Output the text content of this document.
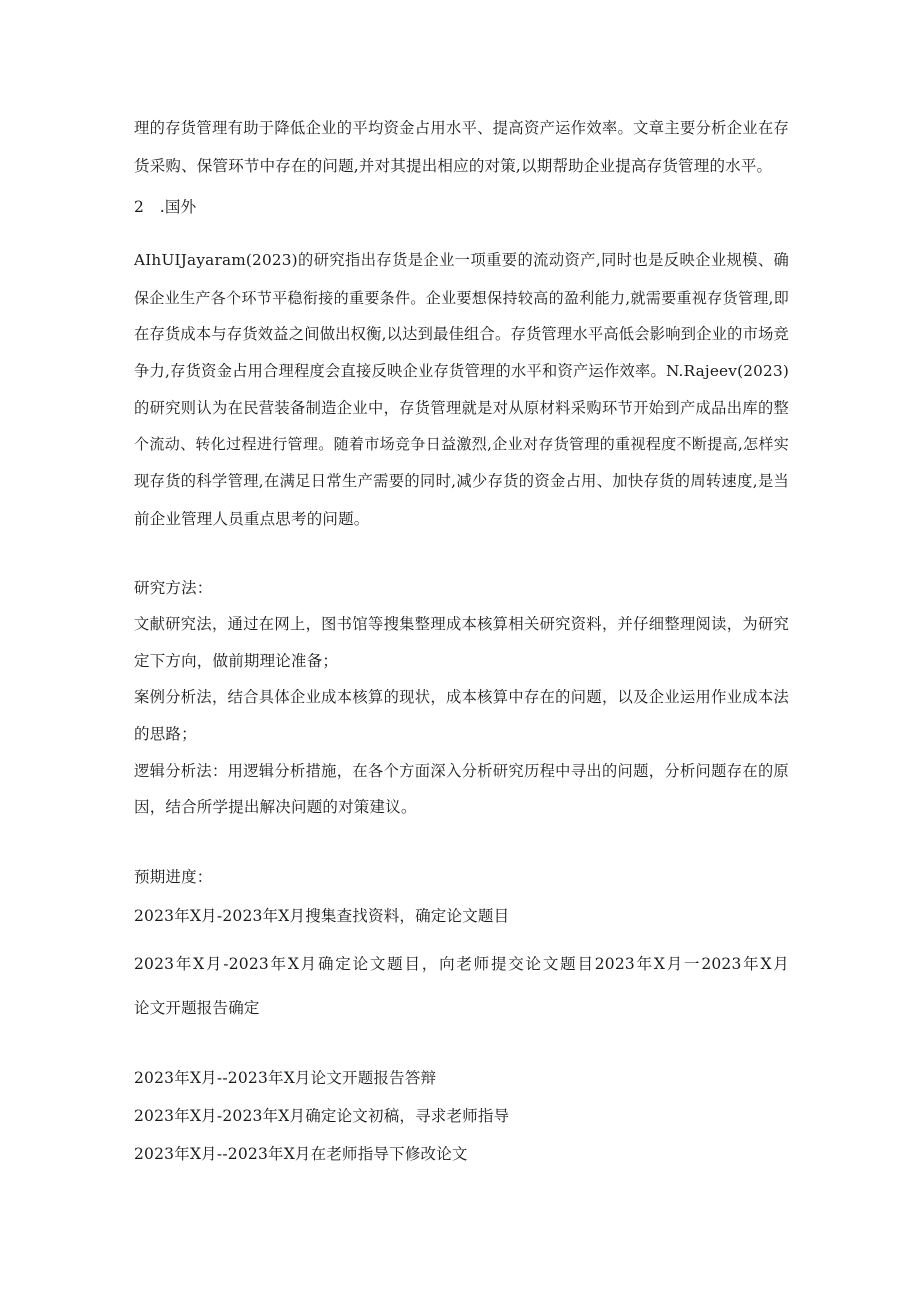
理的存货管理有助于降低企业的平均资金占用水平、提高资产运作效率。文章主要分析企业在存
货采购、保管环节中存在的问题,并对其提出相应的对策,以期帮助企业提高存货管理的水平。
2　.国外
AIhUIJayaram(2023)的研究指出存货是企业一项重要的流动资产,同时也是反映企业规模、确
保企业生产各个环节平稳衔接的重要条件。企业要想保持较高的盈利能力,就需要重视存货管理,即
在存货成本与存货效益之间做出权衡,以达到最佳组合。存货管理水平高低会影响到企业的市场竞
争力,存货资金占用合理程度会直接反映企业存货管理的水平和资产运作效率。N.Rajeev(2023)
的研究则认为在民营装备制造企业中，存货管理就是对从原材料采购环节开始到产成品出库的整
个流动、转化过程进行管理。随着市场竞争日益激烈,企业对存货管理的重视程度不断提高,怎样实
现存货的科学管理,在满足日常生产需要的同时,减少存货的资金占用、加快存货的周转速度,是当
前企业管理人员重点思考的问题。
研究方法：
文献研究法，通过在网上，图书馆等搜集整理成本核算相关研究资料，并仔细整理阅读，为研究
定下方向，做前期理论准备；
案例分析法，结合具体企业成本核算的现状，成本核算中存在的问题，以及企业运用作业成本法
的思路；
逻辑分析法：用逻辑分析措施，在各个方面深入分析研究历程中寻出的问题，分析问题存在的原
因，结合所学提出解决问题的对策建议。
预期进度：
2023年X月-2023年X月搜集查找资料，确定论文题目
2023年X月-2023年X月确定论文题目，向老师提交论文题目2023年X月一2023年X月
论文开题报告确定
2023年X月--2023年X月论文开题报告答辩
2023年X月-2023年X月确定论文初稿，寻求老师指导
2023年X月--2023年X月在老师指导下修改论文
